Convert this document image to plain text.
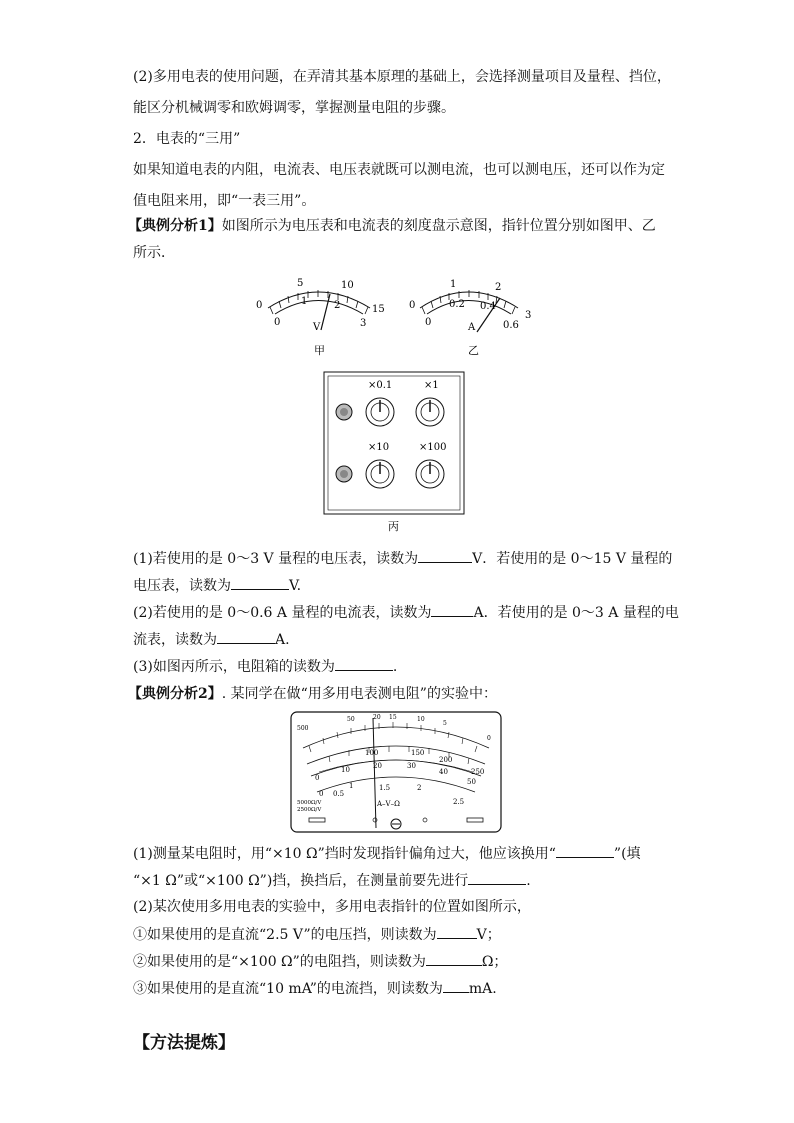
(2)多用电表的使用问题，在弄清其基本原理的基础上，会选择测量项目及量程、挡位，
能区分机械调零和欧姆调零，掌握测量电阻的步骤。
2．电表的“三用”
如果知道电表的内阻，电流表、电压表就既可以测电流，也可以测电压，还可以作为定
值电阻来用，即“一表三用”。
【典例分析1】如图所示为电压表和电流表的刻度盘示意图，指针位置分别如图甲、乙
所示．
0
5	10
15
0
1	2
3
V
甲
0
1	2
3
0
0.2 0.4
0.6
A
乙
×0.1	×1
×10	×100
丙
(1)若使用的是 0～3 V 量程的电压表，读数为	V．若使用的是 0～15 V 量程的
电压表，读数为	V.
(2)若使用的是 0～0.6 A 量程的电流表，读数为	A．若使用的是 0～3 A 量程的电
流表，读数为	A.
(3)如图丙所示，电阻箱的读数为	.
【典例分析2】. 某同学在做“用多用电表测电阻”的实验中：
500
50	20 15	10
5
0
100	150
200
250
0
10	20	30
40
50
0 0.5
1	1.5	2
2.5
A–V–Ω
5000Ω/V
2500Ω/V
(1)测量某电阻时，用“×10 Ω”挡时发现指针偏角过大，他应该换用“	”(填
“×1 Ω”或“×100 Ω”)挡，换挡后，在测量前要先进行	.
(2)某次使用多用电表的实验中，多用电表指针的位置如图所示，
①如果使用的是直流“2.5 V”的电压挡，则读数为	V；
②如果使用的是“×100 Ω”的电阻挡，则读数为	Ω；
③如果使用的是直流“10 mA”的电流挡，则读数为 mA.
【方法提炼】
